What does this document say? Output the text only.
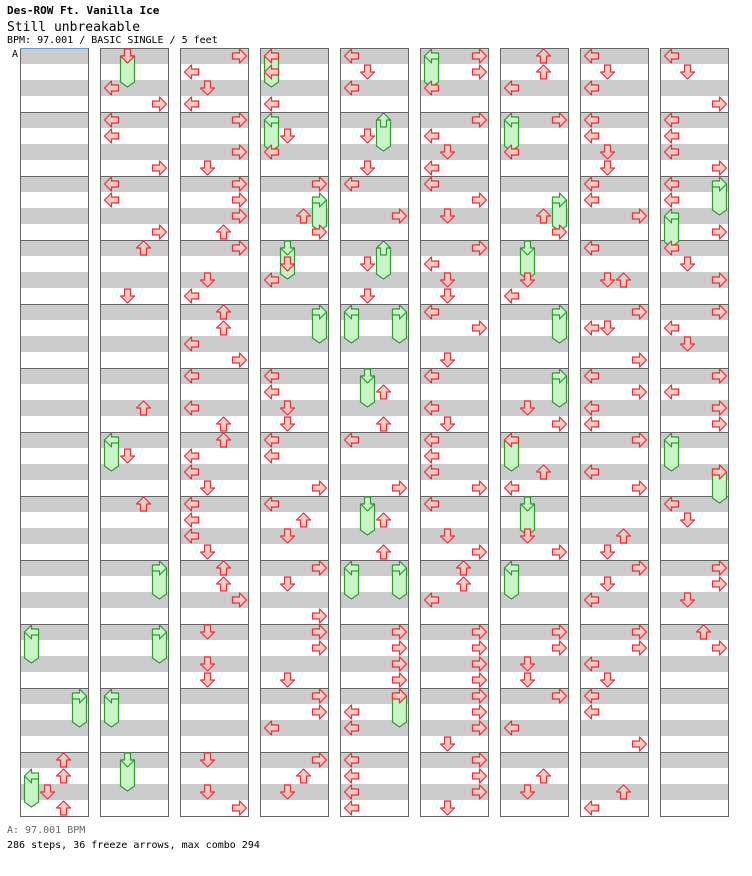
Des-ROW Ft. Vanilla Ice
Still unbreakable
BPM: 97.001 / BASIC SINGLE / 5 feet
A
A: 97.001 BPM
286 steps, 36 freeze arrows, max combo 294
